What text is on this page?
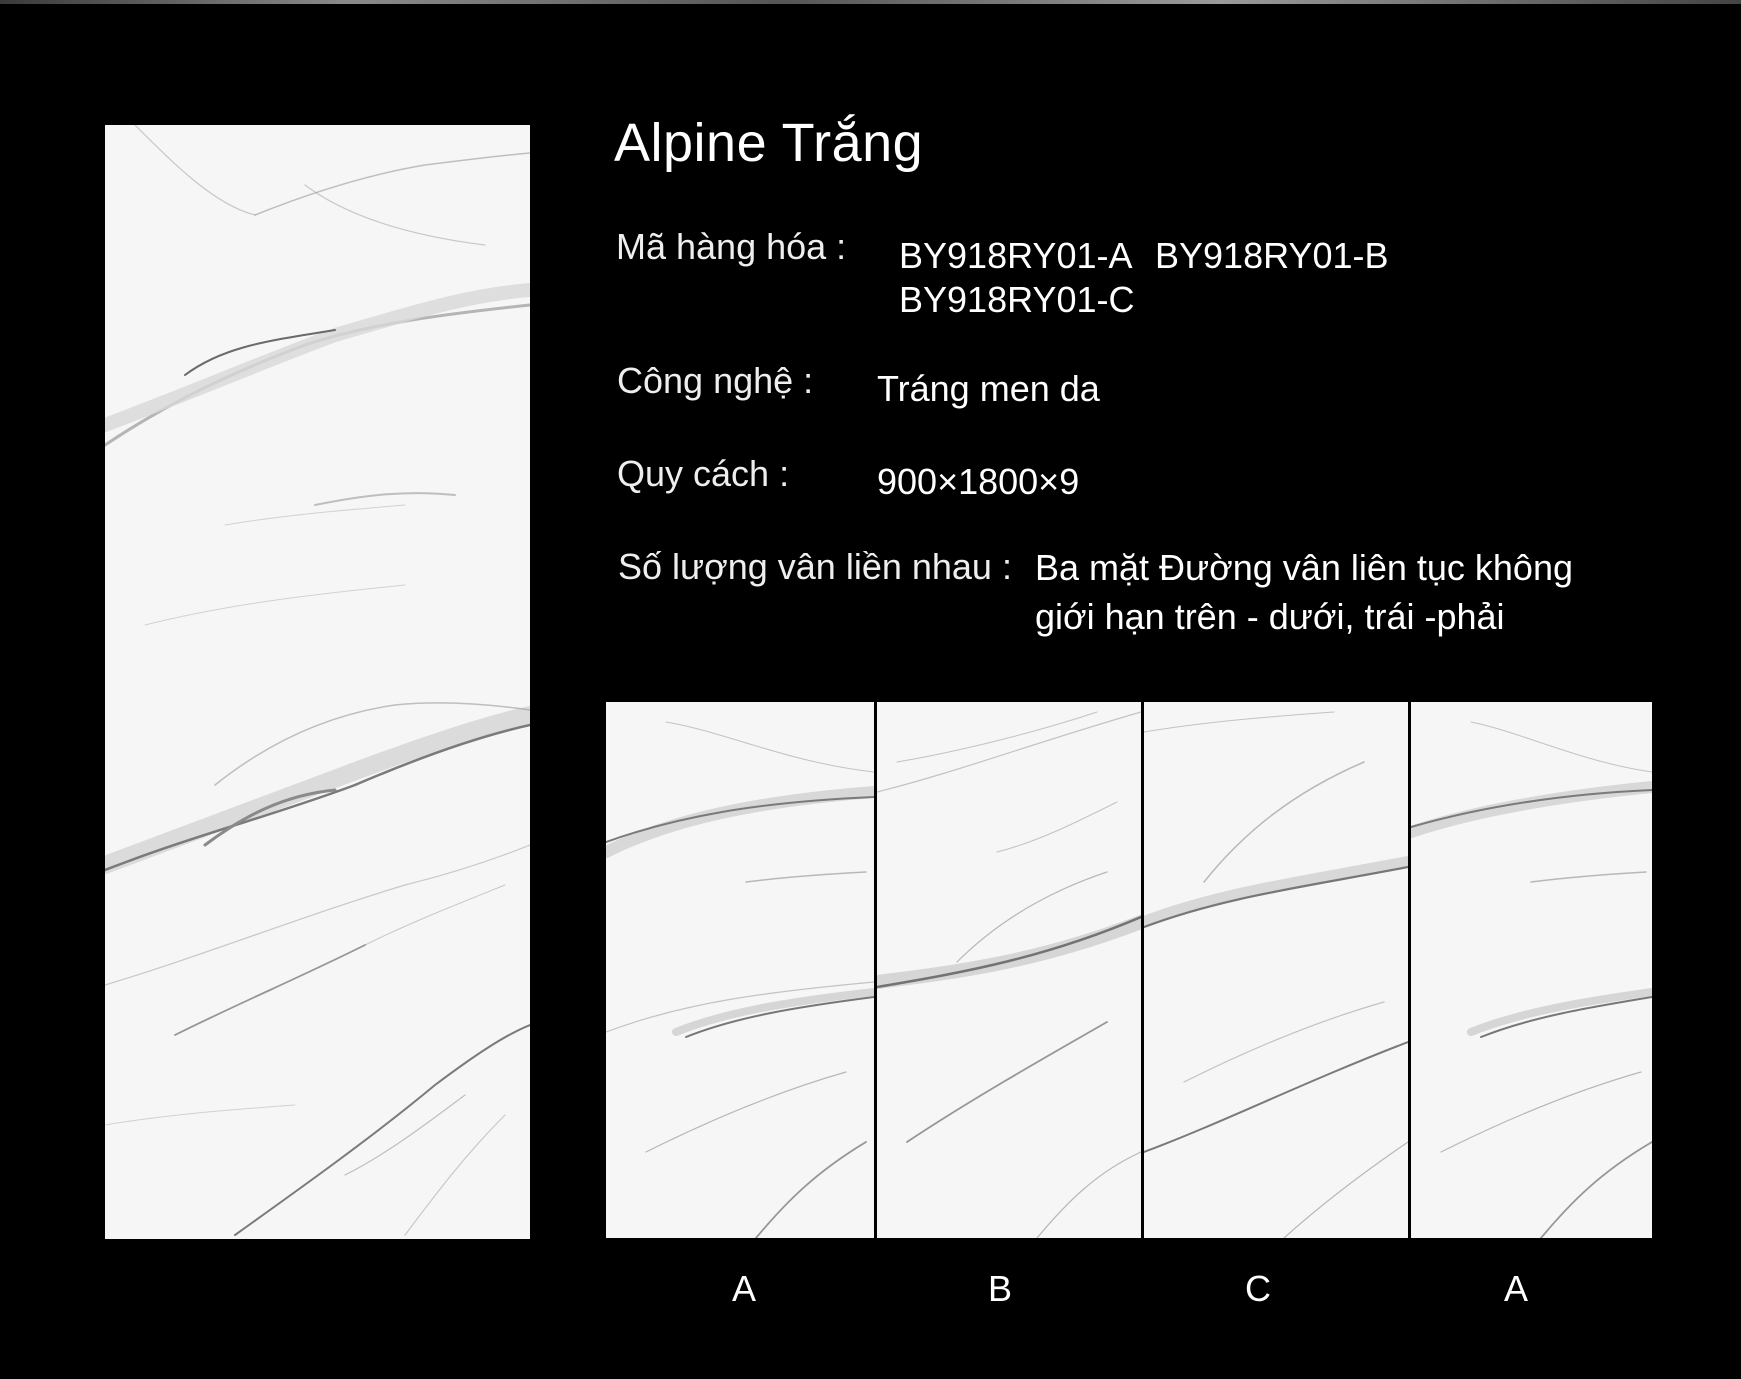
Alpine Trắng
Mã hàng hóa : BY918RY01-A BY918RY01-B
BY918RY01-C
Công nghệ : Tráng men da
Quy cách : 900×1800×9
Số lượng vân liền nhau : Ba mặt Đường vân liên tục không
giới hạn trên - dưới, trái -phải
A	B	C	A
